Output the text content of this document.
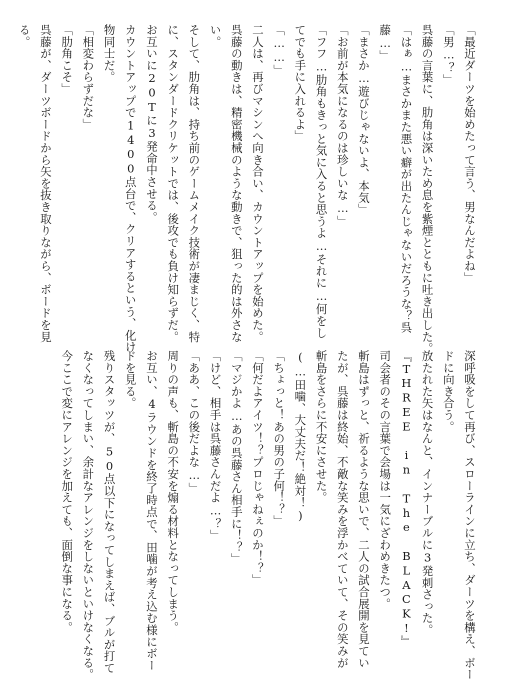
「最近ダーツを始めたって言う、男なんだよね」
「男…？」
呉藤の言葉に、肋角は深いため息を紫煙とともに吐き出した。
「はぁ…まさかまた悪い癖が出たんじゃないだろうな？呉
藤…」
「まさか…遊びじゃないよ、本気」
「お前が本気になるのは珍しいな…」
「フフ…肋角もきっと気に入ると思うよ…それに…何をし
てでも手に入れるよ」
「……」
二人は、再びマシンへ向き合い、カウントアップを始めた。
呉藤の動きは、精密機械のような動きで、狙った的は外さな
い。
そして、肋角は、持ち前のゲームメイク技術が凄まじく、特
に、スタンダードクリケットでは、後攻でも負け知らずだ。
お互いに20Tに3発命中させる。
カウントアップで1400点台で、クリアするという、化け
物同士だ。
「相変わらずだな」
「肋角こそ」
呉藤が、ダーツボードから矢を抜き取りながら、ボードを見
る。
深呼吸をして再び、スローラインに立ち、ダーツを構え、ボー
ドに向き合う。
放たれた矢はなんと、インナーブルに3発刺さった。
『THREE in The BLACK!』
司会者のその言葉で会場は一気にざわめきたつ。
斬島はずっと、祈るような思いで、二人の試合展開を見てい
たが、呉藤は終始、不敵な笑みを浮かべていて、その笑みが
斬島をさらに不安にさせた。
(…田噛、大丈夫だ！絶対！)
「ちょっと！あの男の子何！？」
「何だよアイツ！？プロじゃねぇのか！？」
「マジかよ…あの呉藤さん相手に！？」
「けど、相手は呉藤さんだよ…？」
「ああ、この後だよな…」
周りの声も、斬島の不安を煽る材料となってしまう。
お互い、4ラウンドを終了時点で、田噛が考え込む様にボー
ドを見る。
残りスタッツが、50点以下になってしまえば、ブルが打て
なくなってしまい、余計なアレンジをしないといけなくなる。
今ここで変にアレンジを加えても、面倒な事になる。
